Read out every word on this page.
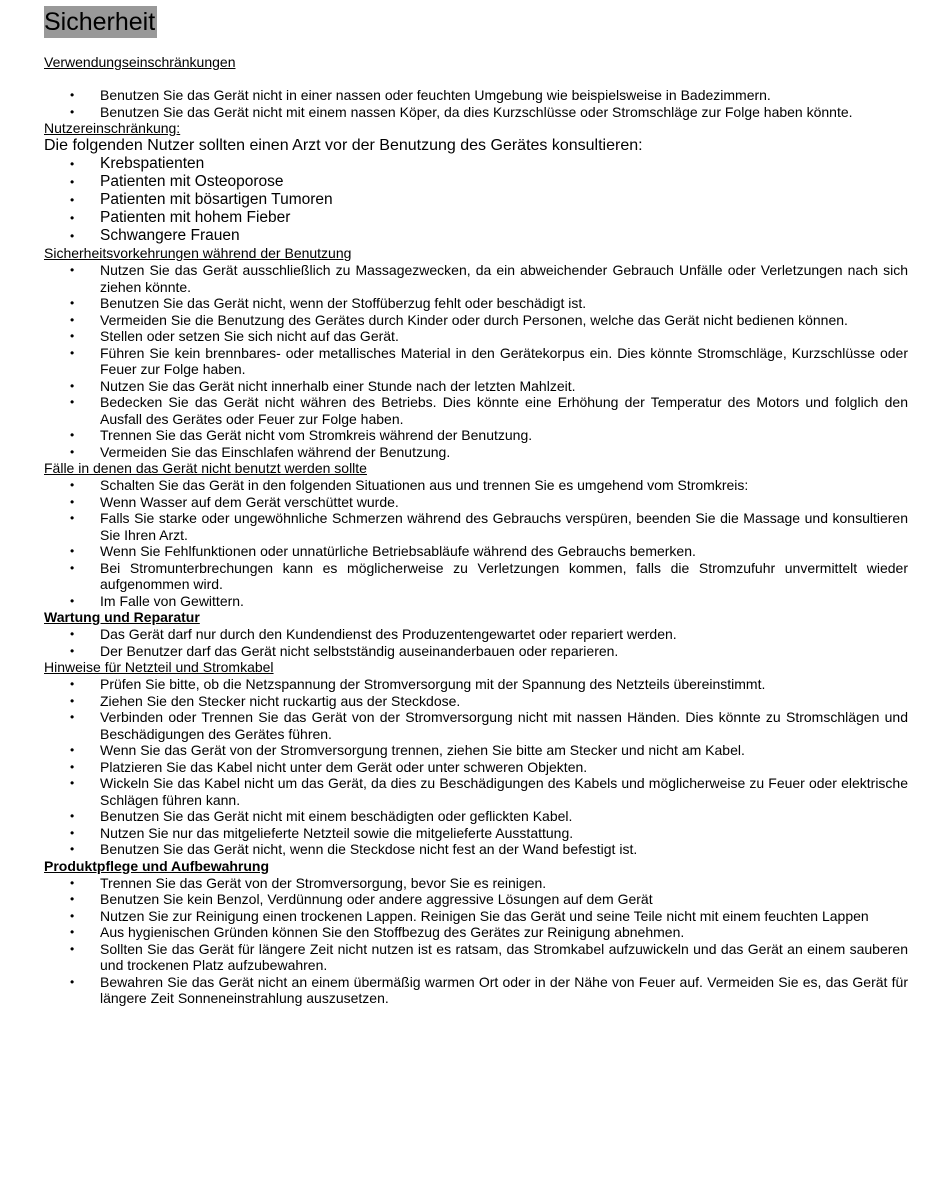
Sicherheit
Verwendungseinschränkungen
• Benutzen Sie das Gerät nicht in einer nassen oder feuchten Umgebung wie beispielsweise in Badezimmern.
• Benutzen Sie das Gerät nicht mit einem nassen Köper, da dies Kurzschlüsse oder Stromschläge zur Folge haben könnte.
Nutzereinschränkung:
Die folgenden Nutzer sollten einen Arzt vor der Benutzung des Gerätes konsultieren:
• Krebspatienten
• Patienten mit Osteoporose
• Patienten mit bösartigen Tumoren
• Patienten mit hohem Fieber
• Schwangere Frauen
Sicherheitsvorkehrungen während der Benutzung
• Nutzen Sie das Gerät ausschließlich zu Massagezwecken, da ein abweichender Gebrauch Unfälle oder Verletzungen nach sich ziehen könnte.
• Benutzen Sie das Gerät nicht, wenn der Stoffüberzug fehlt oder beschädigt ist.
• Vermeiden Sie die Benutzung des Gerätes durch Kinder oder durch Personen, welche das Gerät nicht bedienen können.
• Stellen oder setzen Sie sich nicht auf das Gerät.
• Führen Sie kein brennbares- oder metallisches Material in den Gerätekorpus ein. Dies könnte Stromschläge, Kurzschlüsse oder Feuer zur Folge haben.
• Nutzen Sie das Gerät nicht innerhalb einer Stunde nach der letzten Mahlzeit.
• Bedecken Sie das Gerät nicht währen des Betriebs. Dies könnte eine Erhöhung der Temperatur des Motors und folglich den Ausfall des Gerätes oder Feuer zur Folge haben.
• Trennen Sie das Gerät nicht vom Stromkreis während der Benutzung.
• Vermeiden Sie das Einschlafen während der Benutzung.
Fälle in denen das Gerät nicht benutzt werden sollte
• Schalten Sie das Gerät in den folgenden Situationen aus und trennen Sie es umgehend vom Stromkreis:
• Wenn Wasser auf dem Gerät verschüttet wurde.
• Falls Sie starke oder ungewöhnliche Schmerzen während des Gebrauchs verspüren, beenden Sie die Massage und konsultieren Sie Ihren Arzt.
• Wenn Sie Fehlfunktionen oder unnatürliche Betriebsabläufe während des Gebrauchs bemerken.
• Bei Stromunterbrechungen kann es möglicherweise zu Verletzungen kommen, falls die Stromzufuhr unvermittelt wieder aufgenommen wird.
• Im Falle von Gewittern.
Wartung und Reparatur
• Das Gerät darf nur durch den Kundendienst des Produzentengewartet oder repariert werden.
• Der Benutzer darf das Gerät nicht selbstständig auseinanderbauen oder reparieren.
Hinweise für Netzteil und Stromkabel
• Prüfen Sie bitte, ob die Netzspannung der Stromversorgung mit der Spannung des Netzteils übereinstimmt.
• Ziehen Sie den Stecker nicht ruckartig aus der Steckdose.
• Verbinden oder Trennen Sie das Gerät von der Stromversorgung nicht mit nassen Händen. Dies könnte zu Stromschlägen und Beschädigungen des Gerätes führen.
• Wenn Sie das Gerät von der Stromversorgung trennen, ziehen Sie bitte am Stecker und nicht am Kabel.
• Platzieren Sie das Kabel nicht unter dem Gerät oder unter schweren Objekten.
• Wickeln Sie das Kabel nicht um das Gerät, da dies zu Beschädigungen des Kabels und möglicherweise zu Feuer oder elektrische Schlägen führen kann.
• Benutzen Sie das Gerät nicht mit einem beschädigten oder geflickten Kabel.
• Nutzen Sie nur das mitgelieferte Netzteil sowie die mitgelieferte Ausstattung.
• Benutzen Sie das Gerät nicht, wenn die Steckdose nicht fest an der Wand befestigt ist.
Produktpflege und Aufbewahrung
• Trennen Sie das Gerät von der Stromversorgung, bevor Sie es reinigen.
• Benutzen Sie kein Benzol, Verdünnung oder andere aggressive Lösungen auf dem Gerät
• Nutzen Sie zur Reinigung einen trockenen Lappen. Reinigen Sie das Gerät und seine Teile nicht mit einem feuchten Lappen
• Aus hygienischen Gründen können Sie den Stoffbezug des Gerätes zur Reinigung abnehmen.
• Sollten Sie das Gerät für längere Zeit nicht nutzen ist es ratsam, das Stromkabel aufzuwickeln und das Gerät an einem sauberen und trockenen Platz aufzubewahren.
• Bewahren Sie das Gerät nicht an einem übermäßig warmen Ort oder in der Nähe von Feuer auf. Vermeiden Sie es, das Gerät für längere Zeit Sonneneinstrahlung auszusetzen.
